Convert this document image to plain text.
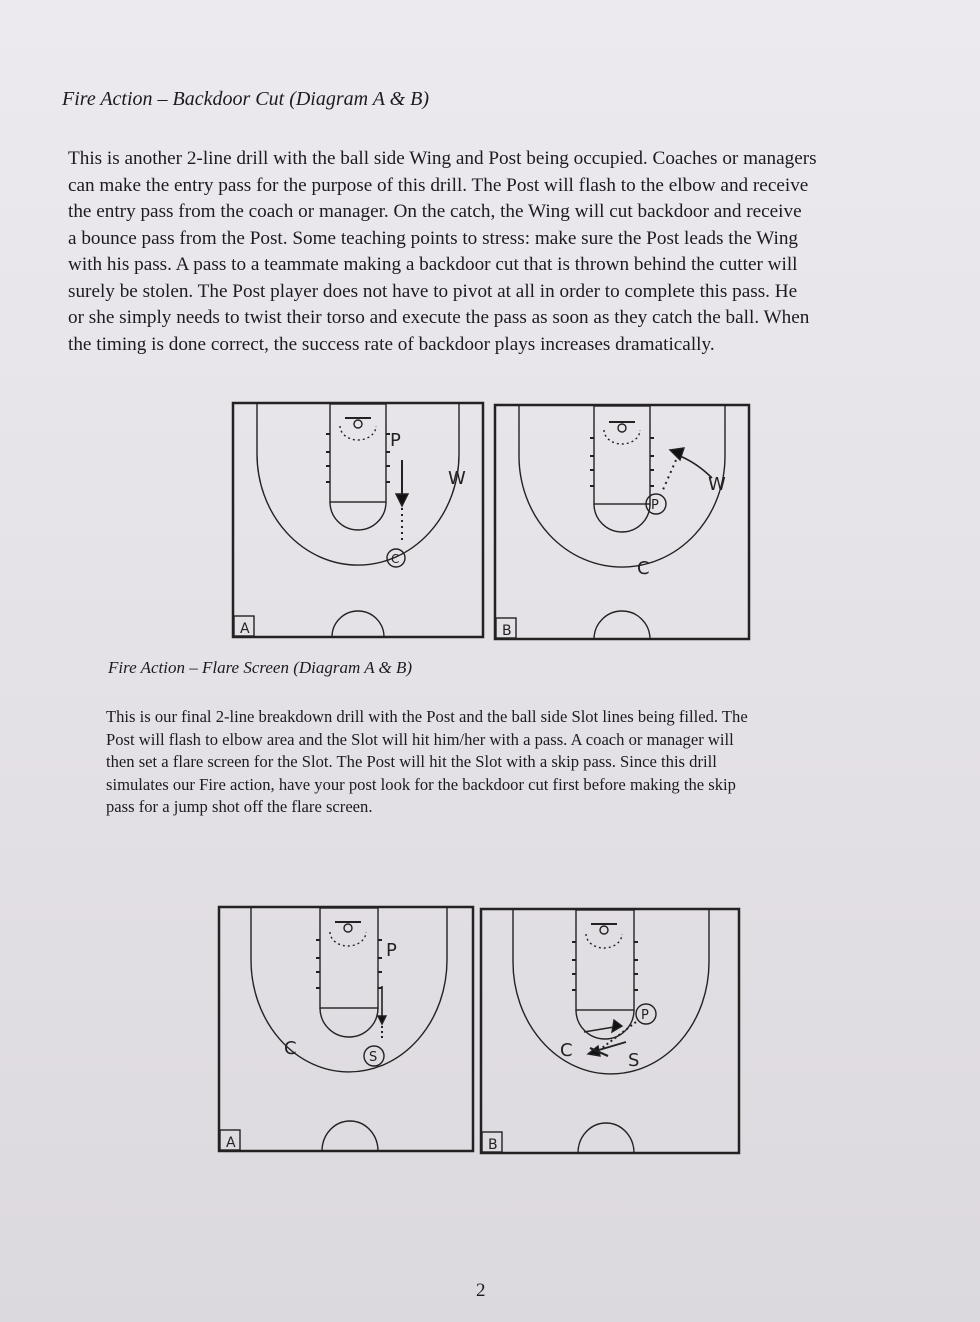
Fire Action – Backdoor Cut (Diagram A & B)
This is another 2-line drill with the ball side Wing and Post being occupied. Coaches or managers
can make the entry pass for the purpose of this drill. The Post will flash to the elbow and receive
the entry pass from the coach or manager. On the catch, the Wing will cut backdoor and receive
a bounce pass from the Post. Some teaching points to stress: make sure the Post leads the Wing
with his pass. A pass to a teammate making a backdoor cut that is thrown behind the cutter will
surely be stolen. The Post player does not have to pivot at all in order to complete this pass. He
or she simply needs to twist their torso and execute the pass as soon as they catch the ball. When
the timing is done correct, the success rate of backdoor plays increases dramatically.
P
W
C
A
W
P
C
B
Fire Action – Flare Screen (Diagram A & B)
This is our final 2-line breakdown drill with the Post and the ball side Slot lines being filled. The
Post will flash to elbow area and the Slot will hit him/her with a pass. A coach or manager will
then set a flare screen for the Slot. The Post will hit the Slot with a skip pass. Since this drill
simulates our Fire action, have your post look for the backdoor cut first before making the skip
pass for a jump shot off the flare screen.
P
C	S
A
P
C	S
B
2
